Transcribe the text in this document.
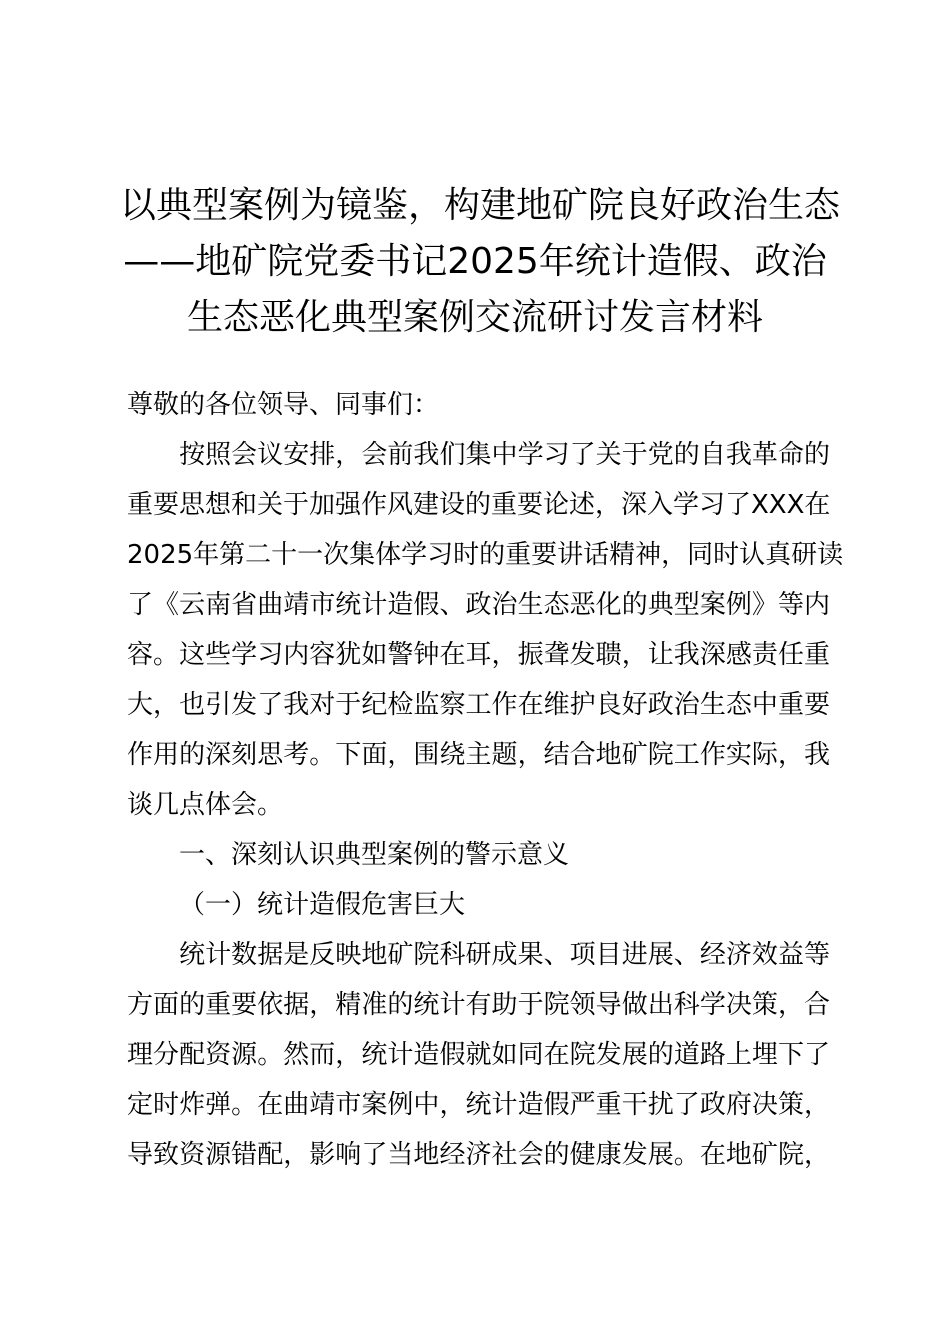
以典型案例为镜鉴，构建地矿院良好政治生态
——地矿院党委书记2025年统计造假、政治
生态恶化典型案例交流研讨发言材料
尊敬的各位领导、同事们：
　　按照会议安排，会前我们集中学习了关于党的自我革命的
重要思想和关于加强作风建设的重要论述，深入学习了XXX在
2025年第二十一次集体学习时的重要讲话精神，同时认真研读
了《云南省曲靖市统计造假、政治生态恶化的典型案例》等内
容。这些学习内容犹如警钟在耳，振聋发聩，让我深感责任重
大，也引发了我对于纪检监察工作在维护良好政治生态中重要
作用的深刻思考。下面，围绕主题，结合地矿院工作实际，我
谈几点体会。
一、深刻认识典型案例的警示意义
（一）统计造假危害巨大
　　统计数据是反映地矿院科研成果、项目进展、经济效益等
方面的重要依据，精准的统计有助于院领导做出科学决策，合
理分配资源。然而，统计造假就如同在院发展的道路上埋下了
定时炸弹。在曲靖市案例中，统计造假严重干扰了政府决策，
导致资源错配，影响了当地经济社会的健康发展。在地矿院，
